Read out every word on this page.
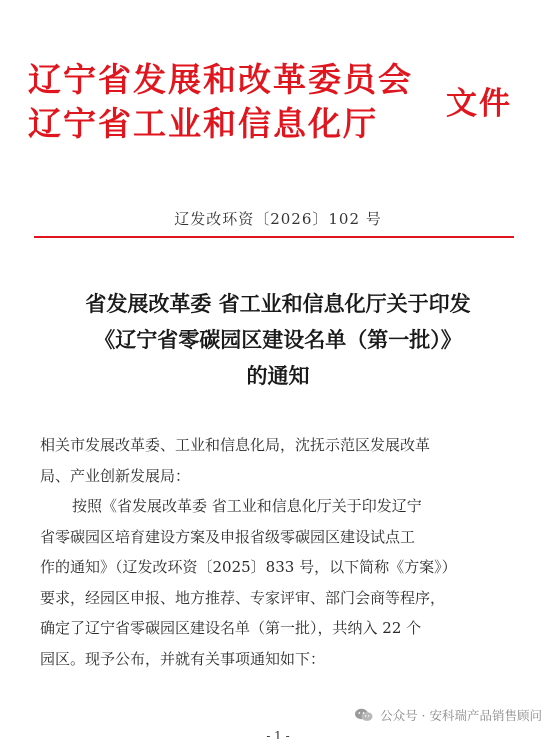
辽宁省发展和改革委员会
辽宁省工业和信息化厅	文件
辽发改环资〔2026〕102 号
省发展改革委 省工业和信息化厅关于印发
《辽宁省零碳园区建设名单（第一批）》
的通知

相关市发展改革委、工业和信息化局，沈抚示范区发展改革

局、产业创新发展局：

按照《省发展改革委 省工业和信息化厅关于印发辽宁

省零碳园区培育建设方案及申报省级零碳园区建设试点工

作的通知》（辽发改环资〔2025〕833 号，以下简称《方案》）

要求，经园区申报、地方推荐、专家评审、部门会商等程序，

确定了辽宁省零碳园区建设名单（第一批），共纳入 22 个

园区。现予公布，并就有关事项通知如下：

公众号 · 安科瑞产品销售顾问
- 1 -
